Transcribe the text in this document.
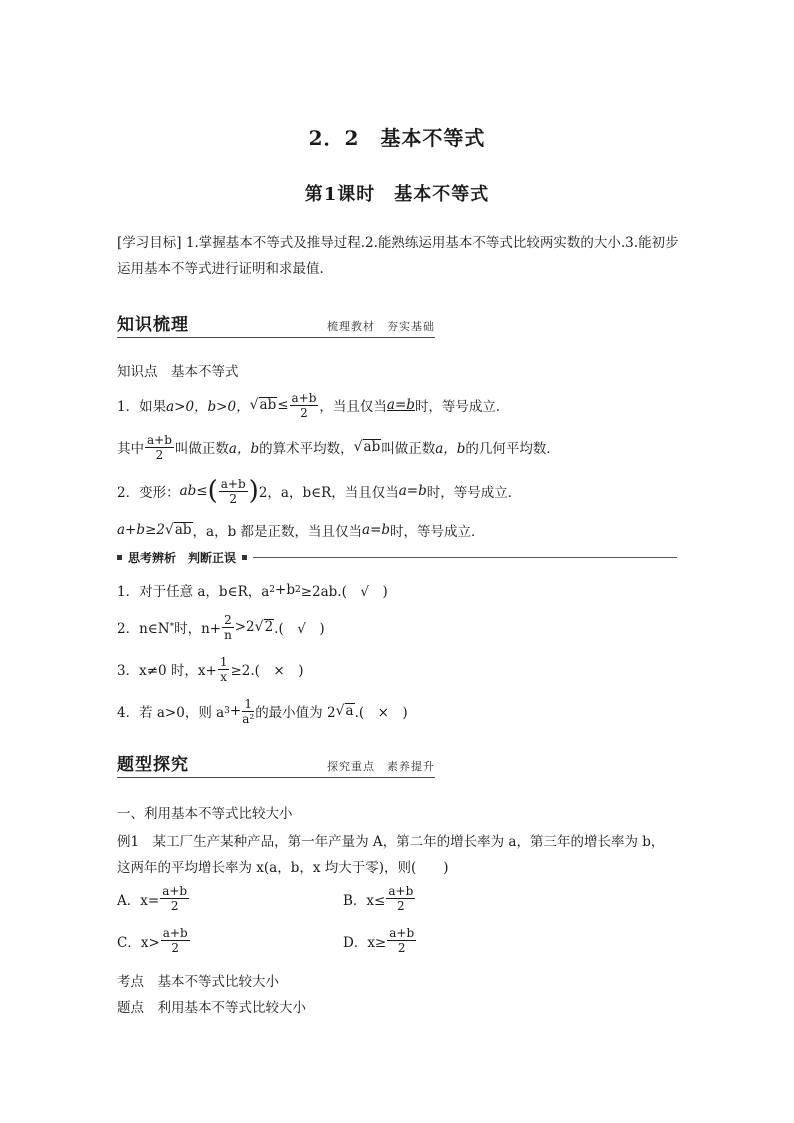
2．2　基本不等式
第1课时　基本不等式
[学习目标] 1.掌握基本不等式及推导过程.2.能熟练运用基本不等式比较两实数的大小.3.能初步运用基本不等式进行证明和求最值.
知识梳理	梳理教材　夯实基础
知识点　基本不等式
1．如果 a>0，b>0， √ ab ≤ $\frac{a+b}{2}$ ，当且仅当 a=b 时，等号成立．
其中 $\frac{a+b}{2}$ 叫做正数 a，b 的算术平均数， √ ab 叫做正数 a，b 的几何平均数．
2．变形： ab≤ ( $\frac{a+b}{2}$ ) 2，a，b∈R，当且仅当 a=b 时，等号成立．
a+b≥2 √ ab ，a，b 都是正数，当且仅当 a=b 时，等号成立．
思考辨析　判断正误
1．对于任意 a，b∈R，a 2 +b 2 ≥2ab.(　√　)
2．n∈N * 时，$n+ \frac{2}{n} >2$ √ 2 .(　√　)
3．x≠0 时，$x+ \frac{1}{x} \ge 2$.(　×　)
4．若 a>0，则 a $3 + \frac{1}{\text{a²}}$ 的最小值为 2 √ a .(　×　)
题型探究	探究重点　素养提升
一、利用基本不等式比较大小
例1　某工厂生产某种产品，第一年产量为 A，第二年的增长率为 a，第三年的增长率为 b，
这两年的平均增长率为 x(a，b，x 均大于零)，则(　　)
A．$x= \frac{a+b}{2}$	B．$x\le \frac{a+b}{2}$
C．$x> \frac{a+b}{2}$	D．$x\ge \frac{a+b}{2}$
考点　基本不等式比较大小
题点　利用基本不等式比较大小
